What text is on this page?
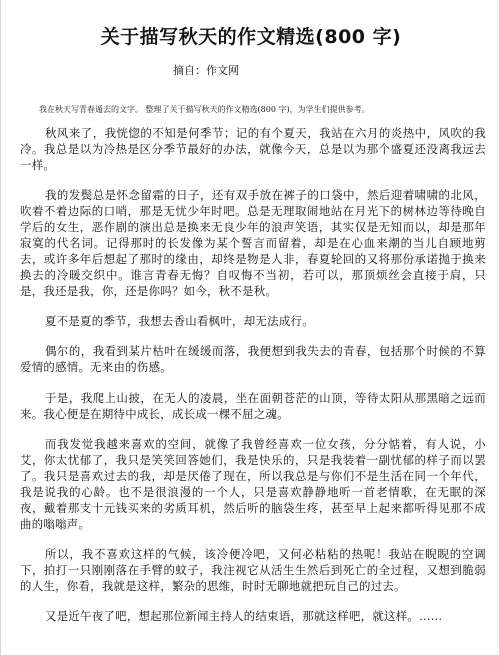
关于描写秋天的作文精选(800 字)
摘自：作文网
我在秋天写青春遁去的文字。 整理了关于描写秋天的作文精选(800 字)，为学生们提供参考。

秋风来了，我恍惚的不知是何季节；记的有个夏天，我站在六月的炎热中，风吹的我冷。我总是以为冷热是区分季节最好的办法，就像今天，总是以为那个盛夏还没离我远去一样。

我的发鬓总是怀念留霜的日子，还有双手放在裤子的口袋中，然后迎着啸啸的北风，吹着不着边际的口哨，那是无忧少年时吧。总是无理取闹地站在月光下的树林边等待晚自学后的女生，恶作剧的演出总是换来无良少年的浪声笑语，其实仅是无知而以，却是那年寂寞的代名词。记得那时的长发像为某个誓言而留着，却是在心血来潮的当儿自顾地剪去，或许多年后想起了那时的缘由，却终是物是人非，春夏轮回的又将那份承诺抛于换来换去的冷暖交织中。谁言青春无悔？自叹悔不当初，若可以，那顶烦丝会直接于肩，只是，我还是我，你，还是你吗？如今，秋不是秋。

夏不是夏的季节，我想去香山看枫叶，却无法成行。

偶尔的，我看到某片枯叶在缓缓而落，我便想到我失去的青春，包括那个时候的不算爱情的感情。无来由的伤感。

于是，我爬上山披，在无人的凌晨，坐在面朝苍茫的山顶，等待太阳从那黑暗之远而来。我心便是在期待中成长，成长成一棵不屈之魂。

而我发觉我越来喜欢的空间，就像了我曾经喜欢一位女孩，分分惦着，有人说，小艾，你太忧郁了，我只是笑笑回答她们，我是快乐的，只是我装着一副忧郁的样子而以罢了。我只是喜欢过去的我，却是厌倦了现在，所以我总是与你们不是生活在同一个年代，我是说我的心龄。也不是很浪漫的一个人，只是喜欢静静地听一首老情歌，在无眠的深夜，戴着那支十元钱买来的劣质耳机，然后听的脑袋生疼，甚至早上起来都听得见那不成曲的嗡嗡声。

所以，我不喜欢这样的气候，该冷便冷吧，又何必粘粘的热呢！我站在睨睨的空调下，拍打一只刚刚落在手臂的蚊子，我注视它从活生生然后到死亡的全过程，又想到脆弱的人生，你看，我就是这样，繁杂的思维，时时无聊地就把玩自己的过去。

又是近午夜了吧，想起那位新闻主持人的结束语，那就这样吧，就这样。……
